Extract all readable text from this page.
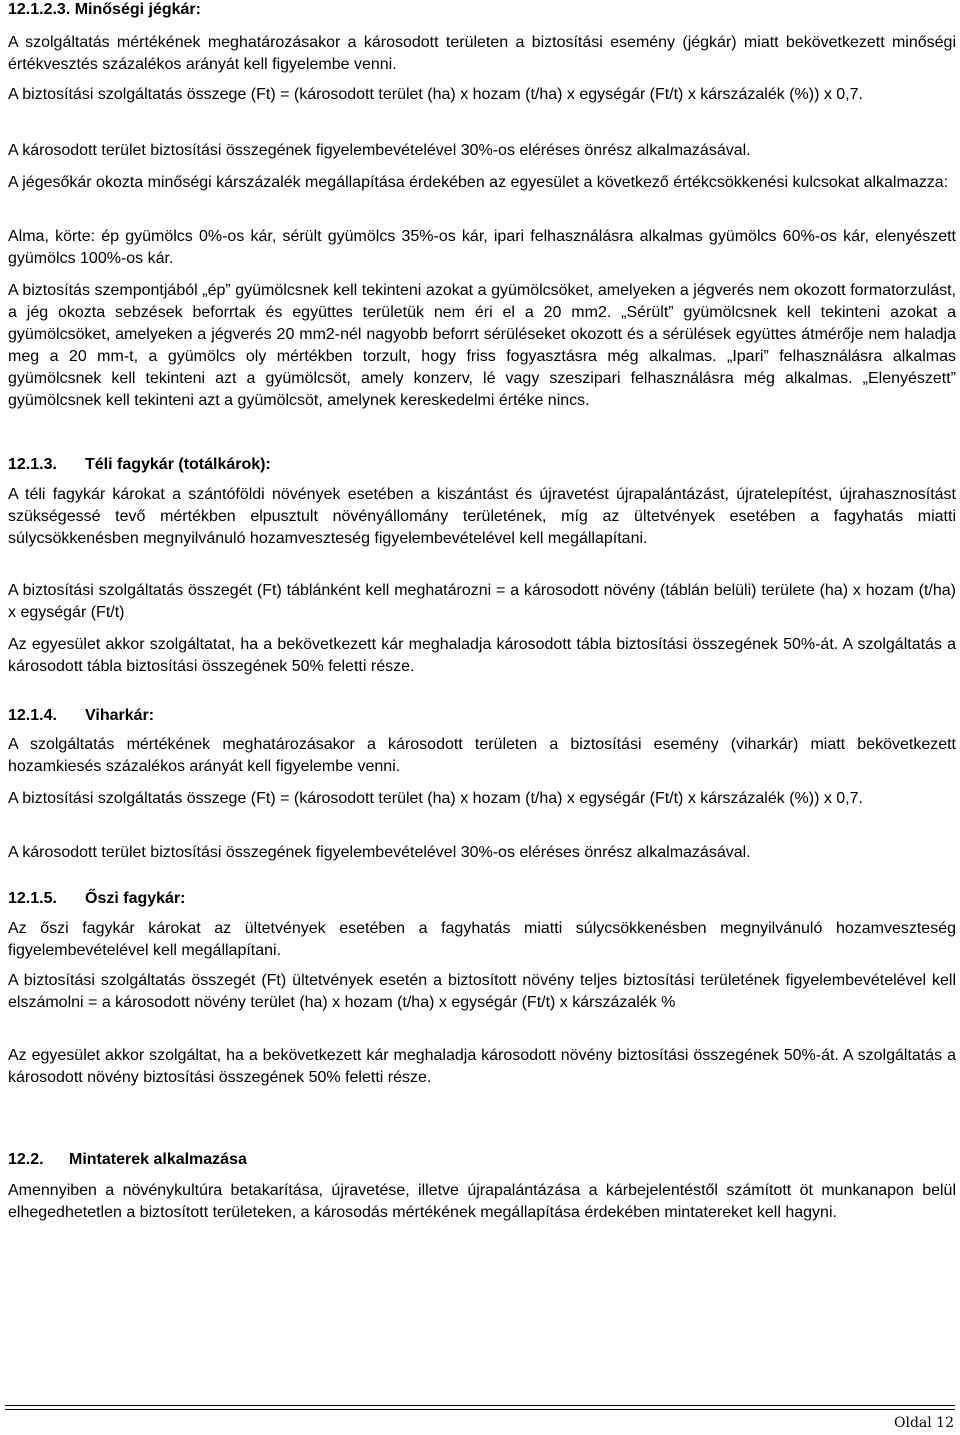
12.1.2.3. Minőségi jégkár:

A szolgáltatás mértékének meghatározásakor a károsodott területen a biztosítási esemény (jégkár) miatt bekövetkezett minőségi értékvesztés százalékos arányát kell figyelembe venni.

A biztosítási szolgáltatás összege (Ft) = (károsodott terület (ha) x hozam (t/ha) x egységár (Ft/t) x kárszázalék (%)) x 0,7.

A károsodott terület biztosítási összegének figyelembevételével 30%-os eléréses önrész alkalmazásával.

A jégesőkár okozta minőségi kárszázalék megállapítása érdekében az egyesület a következő értékcsökkenési kulcsokat alkalmazza:

Alma, körte: ép gyümölcs 0%-os kár, sérült gyümölcs 35%-os kár, ipari felhasználásra alkalmas gyümölcs 60%-os kár, elenyészett gyümölcs 100%-os kár.

A biztosítás szempontjából „ép” gyümölcsnek kell tekinteni azokat a gyümölcsöket, amelyeken a jégverés nem okozott formatorzulást, a jég okozta sebzések beforrtak és együttes területük nem éri el a 20 mm2. „Sérült” gyümölcsnek kell tekinteni azokat a gyümölcsöket, amelyeken a jégverés 20 mm2-nél nagyobb beforrt sérüléseket okozott és a sérülések együttes átmérője nem haladja meg a 20 mm-t, a gyümölcs oly mértékben torzult, hogy friss fogyasztásra még alkalmas. „Ipari” felhasználásra alkalmas gyümölcsnek kell tekinteni azt a gyümölcsöt, amely konzerv, lé vagy szeszipari felhasználásra még alkalmas. „Elenyészett” gyümölcsnek kell tekinteni azt a gyümölcsöt, amelynek kereskedelmi értéke nincs.

12.1.3. Téli fagykár (totálkárok):

A téli fagykár károkat a szántóföldi növények esetében a kiszántást és újravetést újrapalántázást, újratelepítést, újrahasznosítást szükségessé tevő mértékben elpusztult növényállomány területének, míg az ültetvények esetében a fagyhatás miatti súlycsökkenésben megnyilvánuló hozamveszteség figyelembevételével kell megállapítani.

A biztosítási szolgáltatás összegét (Ft) táblánként kell meghatározni = a károsodott növény (táblán belüli) területe (ha) x hozam (t/ha) x egységár (Ft/t)

Az egyesület akkor szolgáltatat, ha a bekövetkezett kár meghaladja károsodott tábla biztosítási összegének 50%-át. A szolgáltatás a károsodott tábla biztosítási összegének 50% feletti része.

12.1.4. Viharkár:

A szolgáltatás mértékének meghatározásakor a károsodott területen a biztosítási esemény (viharkár) miatt bekövetkezett hozamkiesés százalékos arányát kell figyelembe venni.

A biztosítási szolgáltatás összege (Ft) = (károsodott terület (ha) x hozam (t/ha) x egységár (Ft/t) x kárszázalék (%)) x 0,7.

A károsodott terület biztosítási összegének figyelembevételével 30%-os eléréses önrész alkalmazásával.

12.1.5. Őszi fagykár:

Az őszi fagykár károkat az ültetvények esetében a fagyhatás miatti súlycsökkenésben megnyilvánuló hozamveszteség figyelembevételével kell megállapítani.

A biztosítási szolgáltatás összegét (Ft) ültetvények esetén a biztosított növény teljes biztosítási területének figyelembevételével kell elszámolni = a károsodott növény terület (ha) x hozam (t/ha) x egységár (Ft/t) x kárszázalék %

Az egyesület akkor szolgáltat, ha a bekövetkezett kár meghaladja károsodott növény biztosítási összegének 50%-át. A szolgáltatás a károsodott növény biztosítási összegének 50% feletti része.

12.2. Mintaterek alkalmazása

Amennyiben a növénykultúra betakarítása, újravetése, illetve újrapalántázása a kárbejelentéstől számított öt munkanapon belül elhegedhetetlen a biztosított területeken, a károsodás mértékének megállapítása érdekében mintatereket kell hagyni.

Oldal 12
